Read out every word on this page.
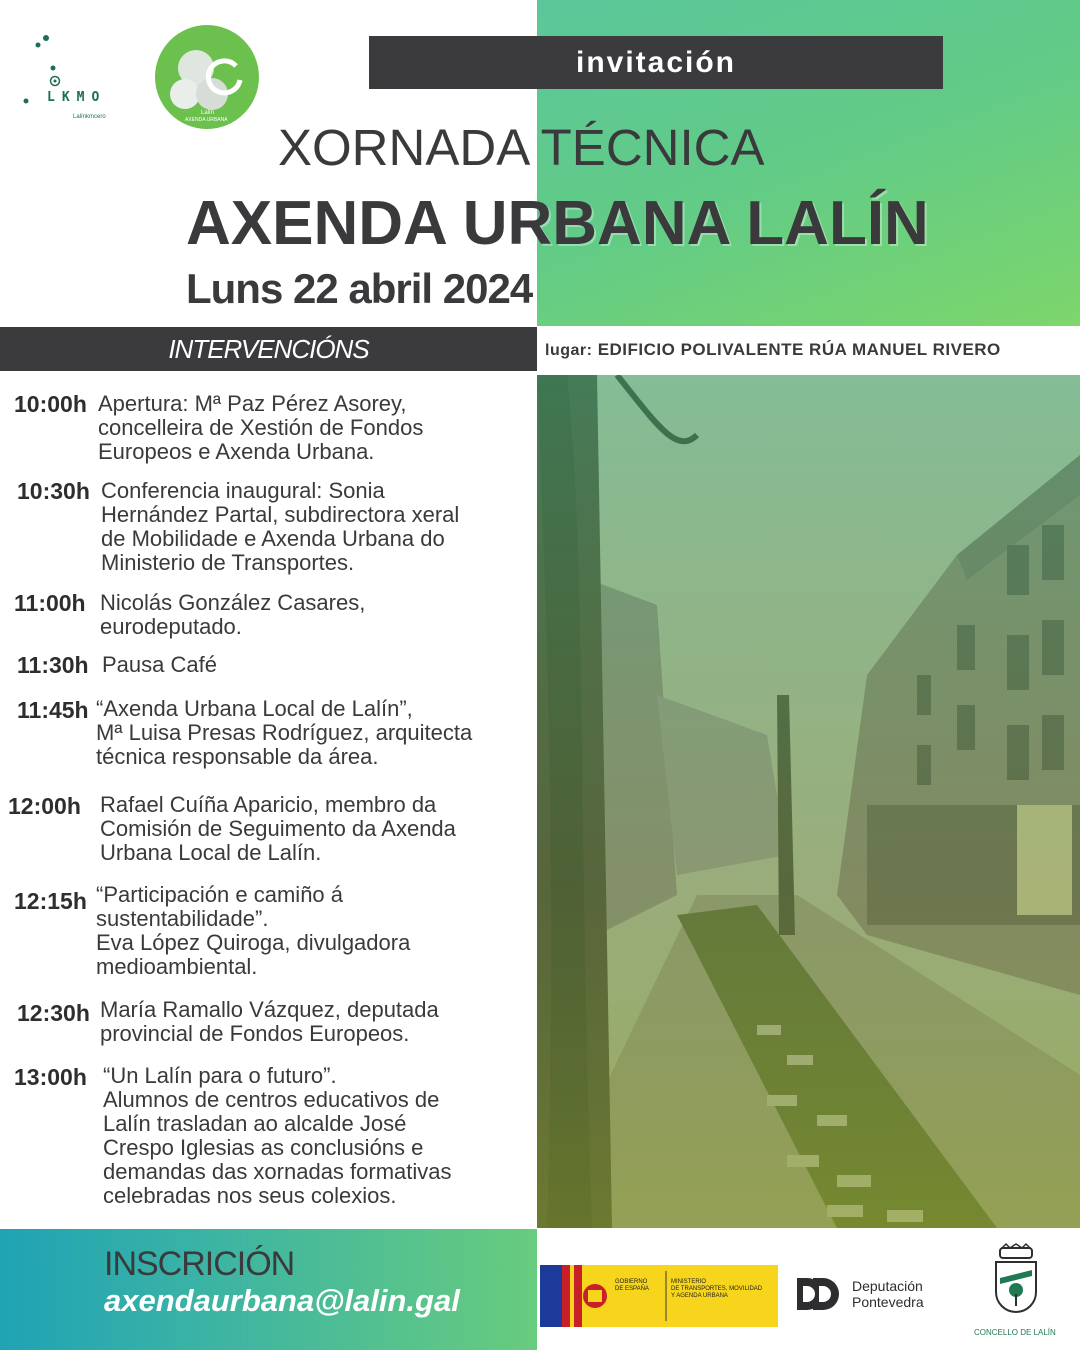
LKMO
Lalínkmcero
Lalín
AXENDA URBANA
invitación
XORNADA TÉCNICA
AXENDA URBANA LALÍN
Luns 22 abril 2024
INTERVENCIÓNS	lugar: EDIFICIO POLIVALENTE RÚA MANUEL RIVERO
10:00h Apertura: Mª Paz Pérez Asorey,
concelleira de Xestión de Fondos
Europeos e Axenda Urbana.
10:30h Conferencia inaugural: Sonia
Hernández Partal, subdirectora xeral
de Mobilidade e Axenda Urbana do
Ministerio de Transportes.
11:00h Nicolás González Casares,
eurodeputado.
11:30h Pausa Café
11:45h “Axenda Urbana Local de Lalín”,
Mª Luisa Presas Rodríguez, arquitecta
técnica responsable da área.
12:00h Rafael Cuíña Aparicio, membro da
Comisión de Seguimento da Axenda
Urbana Local de Lalín.
12:15h “Participación e camiño á
sustentabilidade”.
Eva López Quiroga, divulgadora
medioambiental.
12:30h María Ramallo Vázquez, deputada
provincial de Fondos Europeos.
13:00h “Un Lalín para o futuro”.
Alumnos de centros educativos de
Lalín trasladan ao alcalde José
Crespo Iglesias as conclusións e
demandas das xornadas formativas
celebradas nos seus colexios.
INSCRICIÓN
axendaurbana@lalin.gal
GOBIERNO
DE ESPAÑA
MINISTERIO
DE TRANSPORTES, MOVILIDAD
Y AGENDA URBANA
Deputación
Pontevedra
CONCELLO DE LALÍN
